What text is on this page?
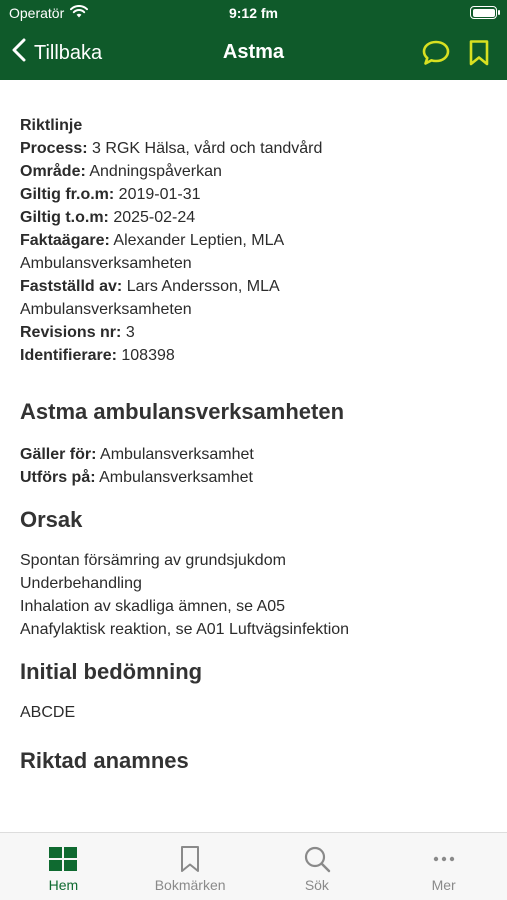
Operatör	9:12 fm
Tillbaka	Astma
Riktlinje
Process: 3 RGK Hälsa, vård och tandvård
Område: Andningspåverkan
Giltig fr.o.m: 2019-01-31
Giltig t.o.m: 2025-02-24
Faktaägare: Alexander Leptien, MLA
Ambulansverksamheten
Fastställd av: Lars Andersson, MLA
Ambulansverksamheten
Revisions nr: 3
Identifierare: 108398
Astma ambulansverksamheten
Gäller för: Ambulansverksamhet
Utförs på: Ambulansverksamhet
Orsak
Spontan försämring av grundsjukdom
Underbehandling
Inhalation av skadliga ämnen, se A05
Anafylaktisk reaktion, se A01 Luftvägsinfektion
Initial bedömning
ABCDE
Riktad anamnes
Hem	Bokmärken	Sök	Mer
